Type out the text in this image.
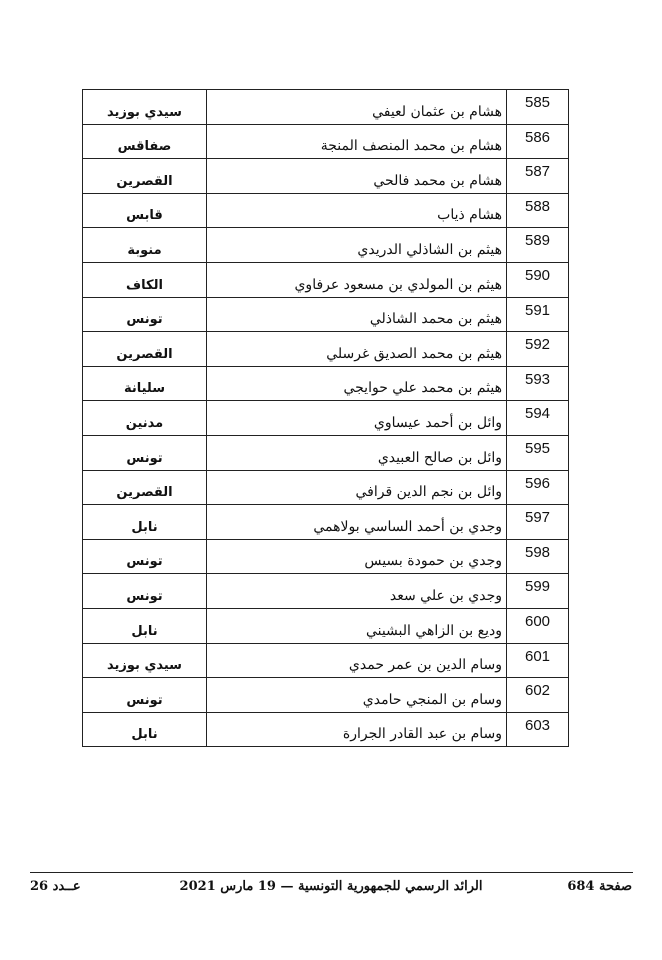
سيدي بوزيد	هشام بن عثمان لعيفي	585
صفاقس	هشام بن محمد المنصف المنجة	586
القصرين	هشام بن محمد فالحي	587
قابس	هشام ذياب	588
منوبة	هيثم بن الشاذلي الدريدي	589
الكاف	هيثم بن المولدي بن مسعود عرفاوي	590
تونس	هيثم بن محمد الشاذلي	591
القصرين	هيثم بن محمد الصديق غرسلي	592
سليانة	هيثم بن محمد علي حوايجي	593
مدنين	وائل بن أحمد عيساوي	594
تونس	وائل بن صالح العبيدي	595
القصرين	وائل بن نجم الدين قرافي	596
نابل	وجدي بن أحمد الساسي بولاهمي	597
تونس	وجدي بن حمودة بسيس	598
تونس	وجدي بن علي سعد	599
نابل	وديع بن الزاهي البشيني	600
سيدي بوزيد	وسام الدين بن عمر حمدي	601
تونس	وسام بن المنجي حامدي	602
نابل	وسام بن عبد القادر الجرارة	603
صفحة 684
الرائد الرسمي للجمهورية التونسية — 19 مارس 2021
عــدد 26
